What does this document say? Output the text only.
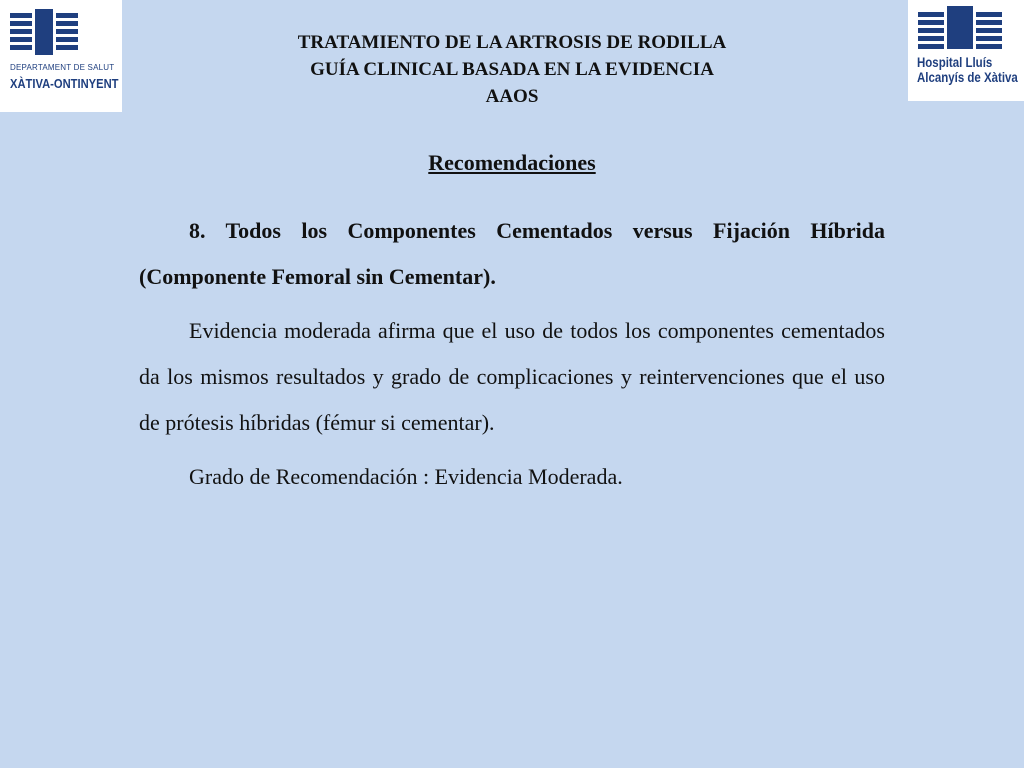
DEPARTAMENT DE SALUT
XÀTIVA-ONTINYENT
Hospital Lluís
Alcanyís de Xàtiva
TRATAMIENTO DE LA ARTROSIS DE RODILLA
GUÍA CLINICAL BASADA EN LA EVIDENCIA
AAOS
Recomendaciones

8. Todos los Componentes Cementados versus Fijación Híbrida (Componente Femoral sin Cementar).

Evidencia moderada afirma que el uso de todos los componentes cementados da los mismos resultados y grado de complicaciones y reintervenciones que el uso de prótesis híbridas (fémur si cementar).

Grado de Recomendación : Evidencia Moderada.
